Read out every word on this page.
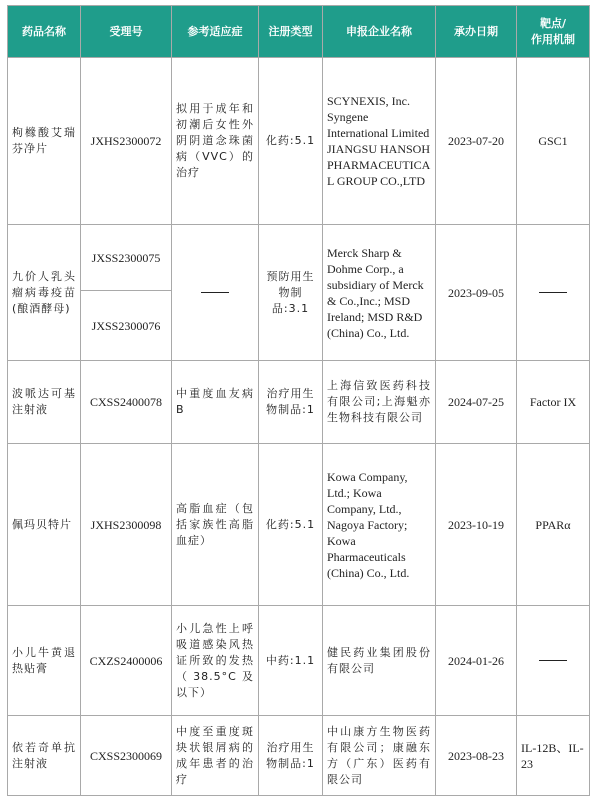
药品名称	受理号	参考适应症	注册类型	申报企业名称	承办日期	靶点/
作用机制

枸橼酸艾瑞芬净片	JXHS2300072	拟用于成年和初潮后女性外阴阴道念珠菌病（VVC）的治疗	化药:5.1	SCYNEXIS, Inc. Syngene International Limited JIANGSU HANSOH PHARMACEUTICAL GROUP CO.,LTD	2023-07-20	GSC1
九价人乳头瘤病毒疫苗(酿酒酵母)	JXSS2300075		预防用生物制品:3.1	Merck Sharp & Dohme Corp., a subsidiary of Merck & Co.,Inc.; MSD Ireland; MSD R&D (China) Co., Ltd.	2023-09-05	
	JXSS2300076					
波哌达可基注射液	CXSS2400078	中重度血友病B	治疗用生物制品:1	上海信致医药科技有限公司;上海魁亦生物科技有限公司	2024-07-25	Factor IX
佩玛贝特片	JXHS2300098	高脂血症（包括家族性高脂血症）	化药:5.1	Kowa Company, Ltd.; Kowa Company, Ltd., Nagoya Factory; Kowa Pharmaceuticals (China) Co., Ltd.	2023-10-19	PPARα
小儿牛黄退热贴膏	CXZS2400006	小儿急性上呼吸道感染风热证所致的发热（38.5°C及以下）	中药:1.1	健民药业集团股份有限公司	2024-01-26	
依若奇单抗注射液	CXSS2300069	中度至重度斑块状银屑病的成年患者的治疗	治疗用生物制品:1	中山康方生物医药有限公司；康融东方（广东）医药有限公司	2023-08-23	IL-12B、IL-23
